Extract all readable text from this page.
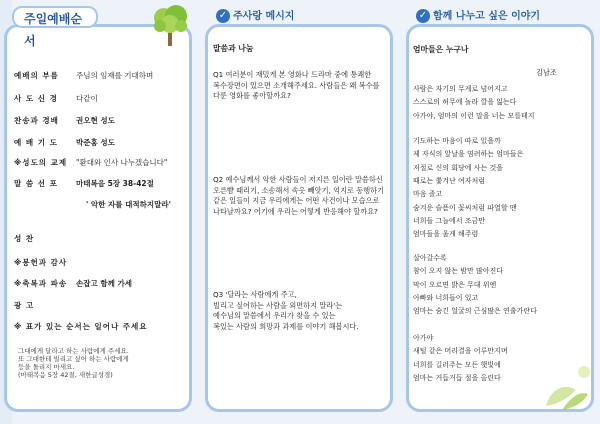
주일예배순서
예배의 부름 주님의 임재를 기대하며
사 도 신 경 다같이
찬송과 경배 권오현 성도
예 배 기 도 박준홍 성도
※성도의 교제 "환대와 인사 나누겠습니다"
말 씀 선 포 마태복음 5장 38-42절
' 악한 자를 대적하지말라'
성 찬
※봉헌과 감사
※축복과 파송 손잡고 함께 가세
광 고
※ 표가 있는 순서는 일어나 주세요
그대에게 달라고 하는 사람에게 주세요.
또 그대한테 빌리고 싶어 하는 사람에게
등을 돌리지 마세요.
(마태복음 5장 42절, 새한글성경)
✓ 주사랑 메시지
말씀과 나눔
Q1 여러분이 재밌게 본 영화나 드라마 중에 통쾌한
복수장면이 있으면 소개해주세요. 사람들은 왜 복수를
다룬 영화를 좋아할까요?
Q2 예수님께서 악한 사람들이 저지른 일이란 말씀하신
오른뺨 때리기, 소송해서 속옷 빼앗기, 억지로 동행하기
같은 일들이 지금 우리에게는 어떤 사건이나 모습으로
나타날까요? 어기에 우리는 어떻게 반응해야 할까요?
Q3 '달라는 사람에게 주고,
빌리고 싶어하는 사람을 외면하지 말라'는
예수님의 말씀에서 우리가 찾을 수 있는
복있는 사람의 희망과 과제를 이야기 해봅시다.
✓ 함께 나누고 싶은 이야기
엄마들은 누구나
김남조
사람은 자기의 무게로 넘어지고
스스로의 허무에 놀라 깔을 잃는다
아가야, 엄마의 이런 말을 너는 모를테지
기도하는 마음이 따로 있을까
제 자식의 앞날을 염려하는 엄마들은
저절로 신의 회당에 사는 것을
때로는 쫓겨난 여자처럼
마음 졸고
숨겨운 슬픔이 꽃씨처럼 파열할 땐
너희들 그늘에서 조금만
엄마들을 울게 해주렴
살아갈수록
참이 오지 않는 밤만 많아진다
막이 오르면 밝은 무대 위엔
아빠와 너희들이 있고
엄마는 숨긴 얼굴의 근심많은 연출가란다
아가야
새털 같은 머리결을 어루만지며
너희를 길러주는 모든 햇빛에
엄마는 거듭거듭 절을 올린다
